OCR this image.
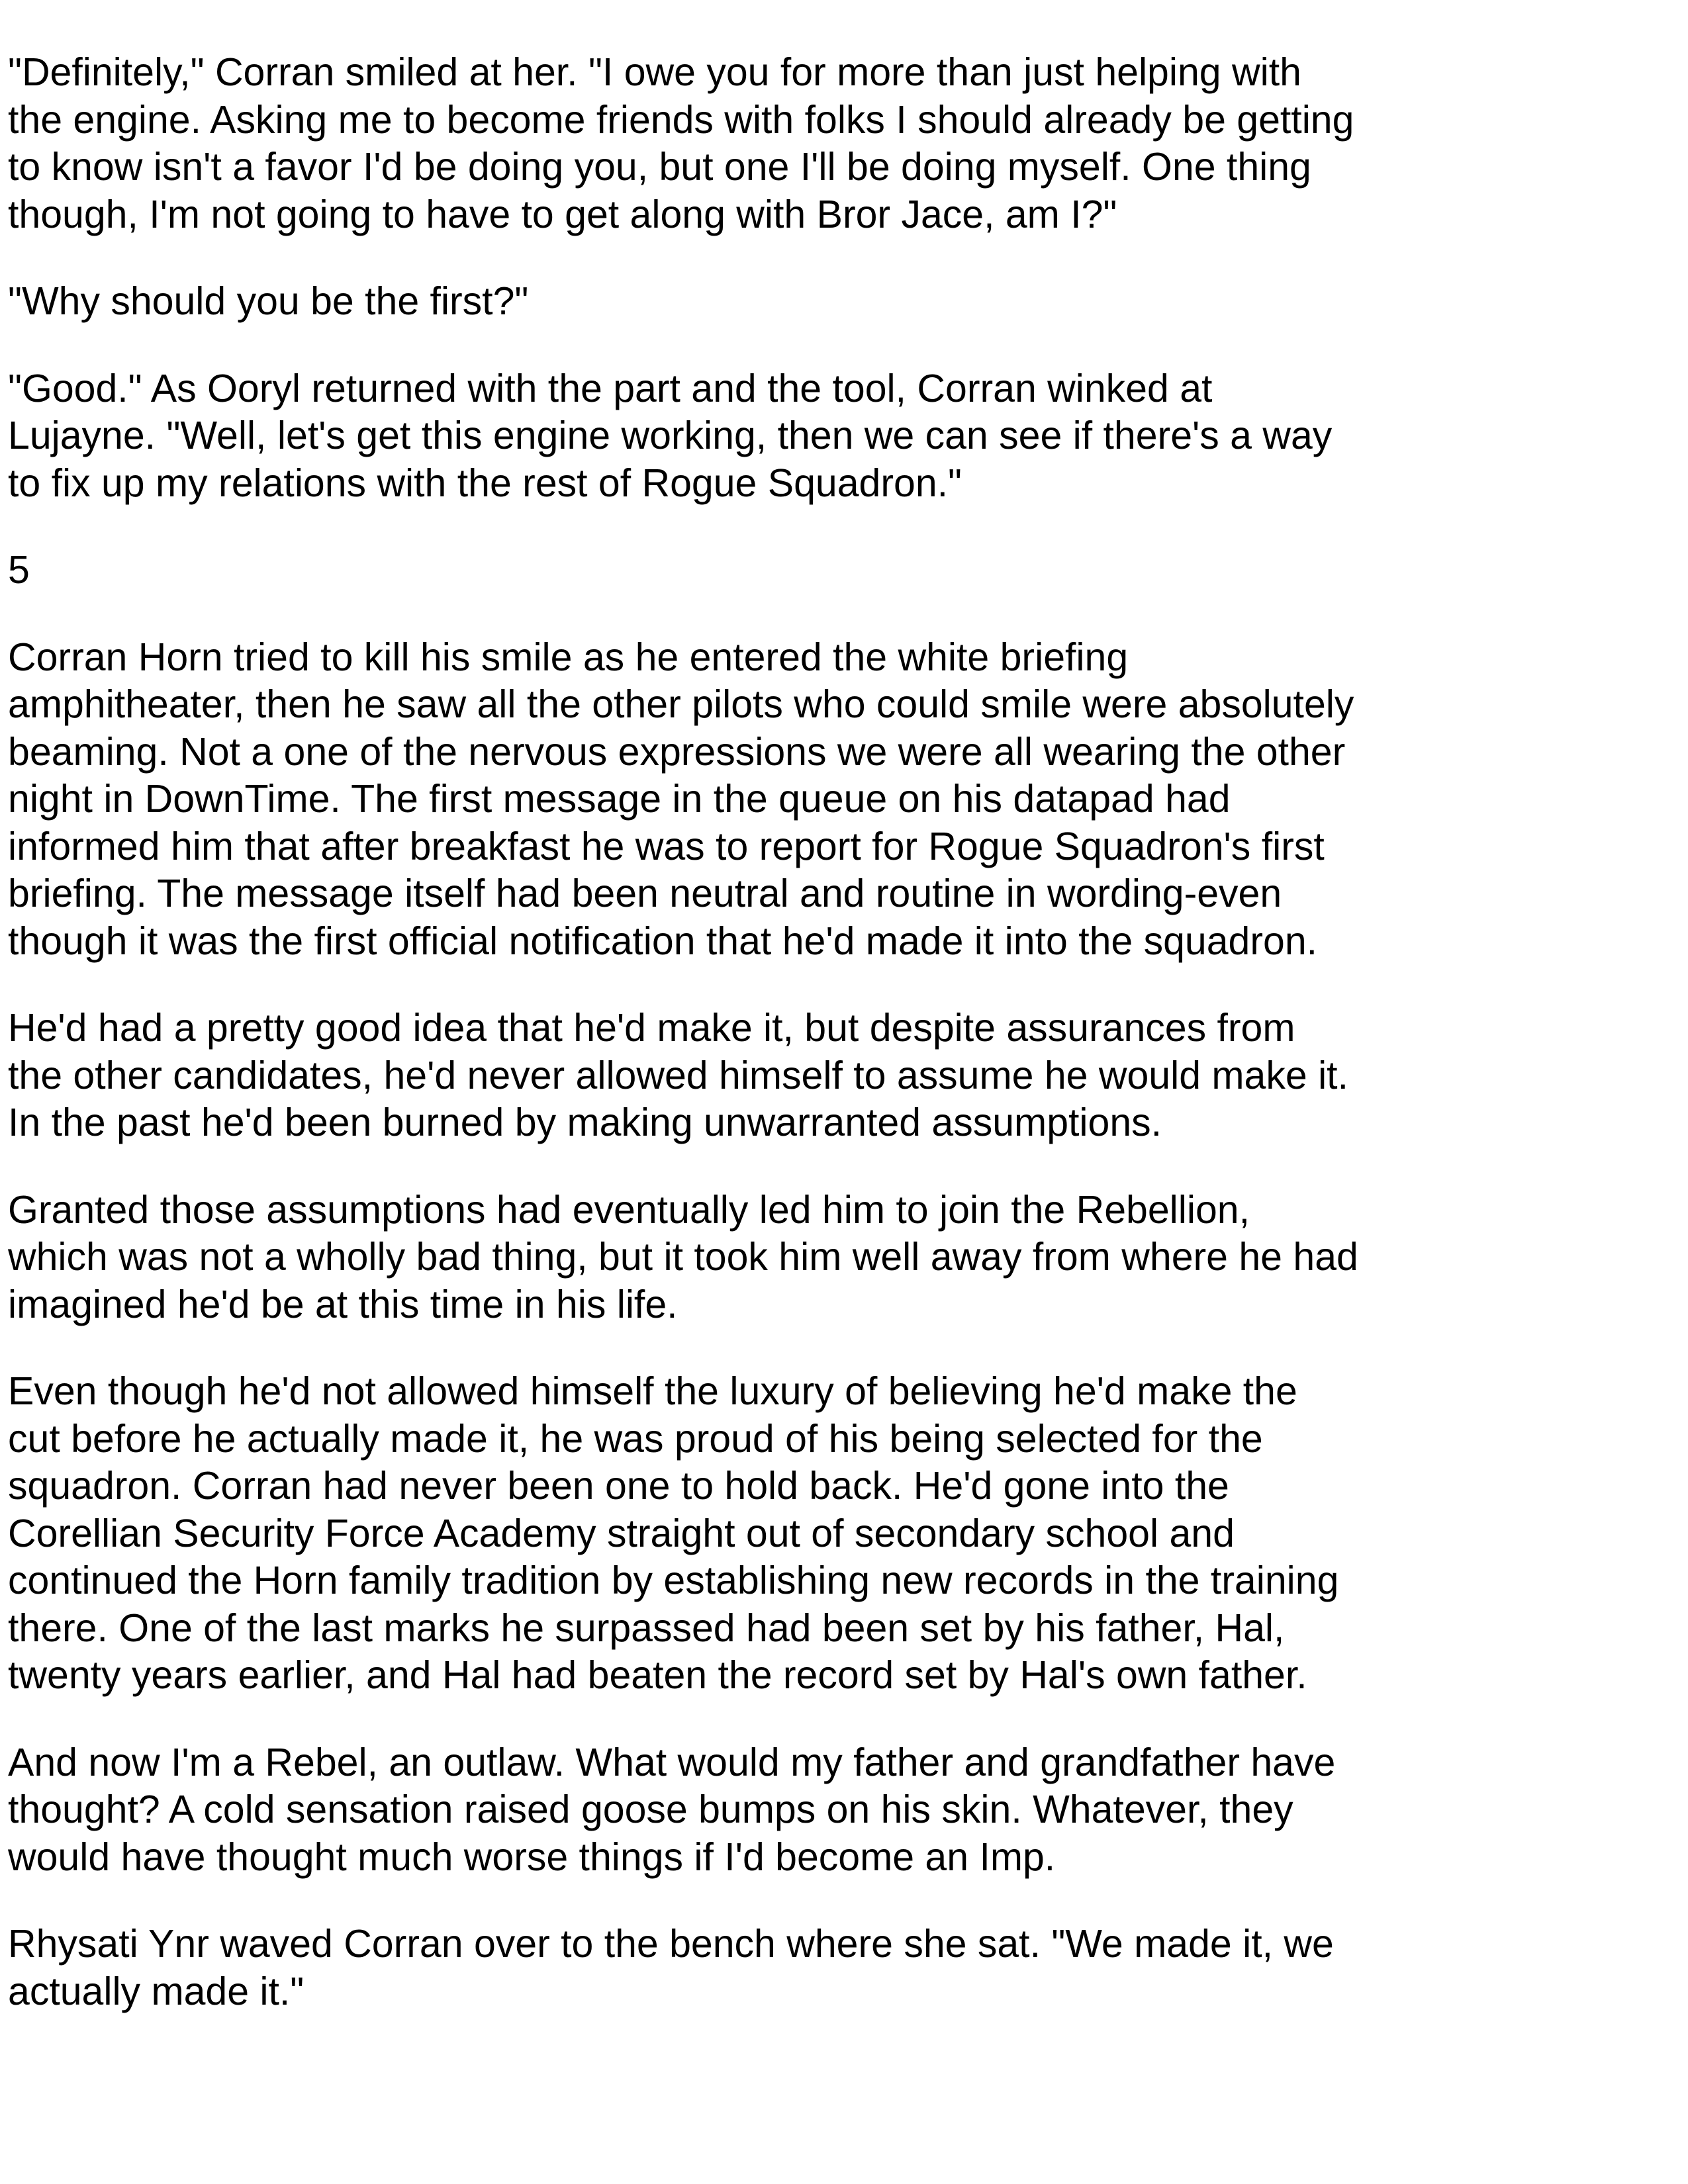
"Definitely," Corran smiled at her. "I owe you for more than just helping with the engine. Asking me to become friends with folks I should already be getting to know isn't a favor I'd be doing you, but one I'll be doing myself. One thing though, I'm not going to have to get along with Bror Jace, am I?"

"Why should you be the first?"

"Good." As Ooryl returned with the part and the tool, Corran winked at Lujayne. "Well, let's get this engine working, then we can see if there's a way to fix up my relations with the rest of Rogue Squadron."

5

Corran Horn tried to kill his smile as he entered the white briefing amphitheater, then he saw all the other pilots who could smile were absolutely beaming. Not a one of the nervous expressions we were all wearing the other night in DownTime. The first message in the queue on his datapad had informed him that after breakfast he was to report for Rogue Squadron's first briefing. The message itself had been neutral and routine in wording-even though it was the first official notification that he'd made it into the squadron.

He'd had a pretty good idea that he'd make it, but despite assurances from the other candidates, he'd never allowed himself to assume he would make it. In the past he'd been burned by making unwarranted assumptions.

Granted those assumptions had eventually led him to join the Rebellion, which was not a wholly bad thing, but it took him well away from where he had imagined he'd be at this time in his life.

Even though he'd not allowed himself the luxury of believing he'd make the cut before he actually made it, he was proud of his being selected for the squadron. Corran had never been one to hold back. He'd gone into the Corellian Security Force Academy straight out of secondary school and continued the Horn family tradition by establishing new records in the training there. One of the last marks he surpassed had been set by his father, Hal, twenty years earlier, and Hal had beaten the record set by Hal's own father.

And now I'm a Rebel, an outlaw. What would my father and grandfather have thought? A cold sensation raised goose bumps on his skin. Whatever, they would have thought much worse things if I'd become an Imp.

Rhysati Ynr waved Corran over to the bench where she sat. "We made it, we actually made it."
